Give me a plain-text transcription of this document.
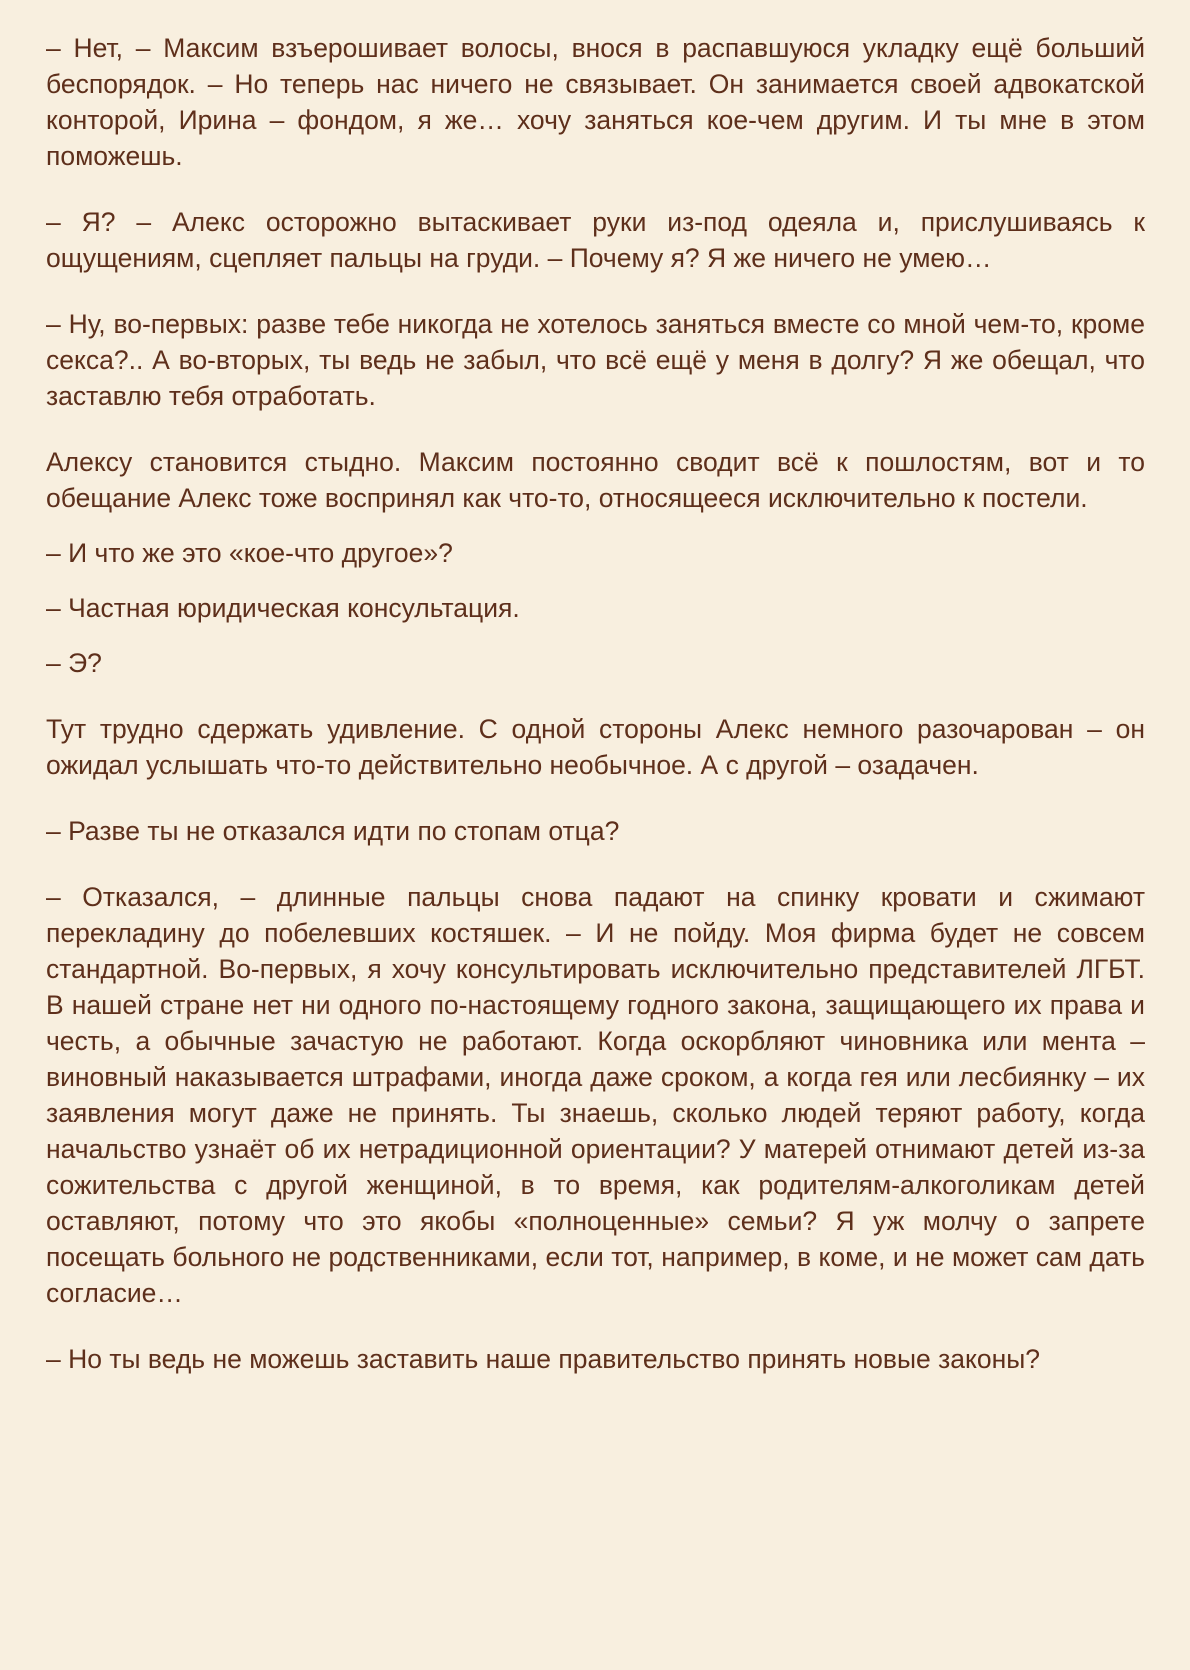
– Нет, – Максим взъерошивает волосы, внося в распавшуюся укладку ещё больший беспорядок. – Но теперь нас ничего не связывает. Он занимается своей адвокатской конторой, Ирина – фондом, я же… хочу заняться кое-чем другим. И ты мне в этом поможешь.

– Я? – Алекс осторожно вытаскивает руки из-под одеяла и, прислушиваясь к ощущениям, сцепляет пальцы на груди. – Почему я? Я же ничего не умею…

– Ну, во-первых: разве тебе никогда не хотелось заняться вместе со мной чем-то, кроме секса?.. А во-вторых, ты ведь не забыл, что всё ещё у меня в долгу? Я же обещал, что заставлю тебя отработать.

Алексу становится стыдно. Максим постоянно сводит всё к пошлостям, вот и то обещание Алекс тоже воспринял как что-то, относящееся исключительно к постели.

– И что же это «кое-что другое»?

– Частная юридическая консультация.

– Э?

Тут трудно сдержать удивление. С одной стороны Алекс немного разочарован – он ожидал услышать что-то действительно необычное. А с другой – озадачен.

– Разве ты не отказался идти по стопам отца?

– Отказался, – длинные пальцы снова падают на спинку кровати и сжимают перекладину до побелевших костяшек. – И не пойду. Моя фирма будет не совсем стандартной. Во-первых, я хочу консультировать исключительно представителей ЛГБТ. В нашей стране нет ни одного по-настоящему годного закона, защищающего их права и честь, а обычные зачастую не работают. Когда оскорбляют чиновника или мента – виновный наказывается штрафами, иногда даже сроком, а когда гея или лесбиянку – их заявления могут даже не принять. Ты знаешь, сколько людей теряют работу, когда начальство узнаёт об их нетрадиционной ориентации? У матерей отнимают детей из-за сожительства с другой женщиной, в то время, как родителям-алкоголикам детей оставляют, потому что это якобы «полноценные» семьи? Я уж молчу о запрете посещать больного не родственниками, если тот, например, в коме, и не может сам дать согласие…

– Но ты ведь не можешь заставить наше правительство принять новые законы?
